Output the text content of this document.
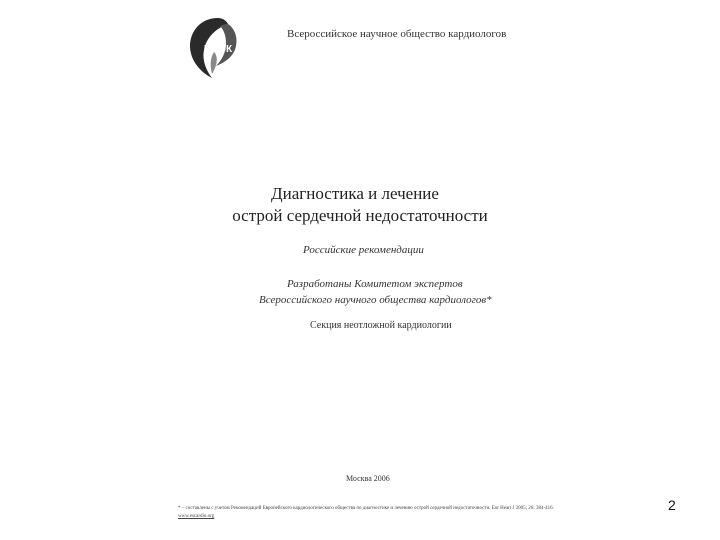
ВНОК
Всероссийское научное общество кардиологов
Диагностика и лечение
острой сердечной недостаточности
Российские рекомендации
Разработаны Комитетом экспертов
Всероссийского научного общества кардиологов*
Секция неотложной кардиологии
Москва 2006
* – составлены с учетом Рекомендаций Европейского кардиологического общества по диагностике и лечению острой сердечной недостаточности. Eur Heart J 2005; 26: 384-416. www.escardio.org
2
